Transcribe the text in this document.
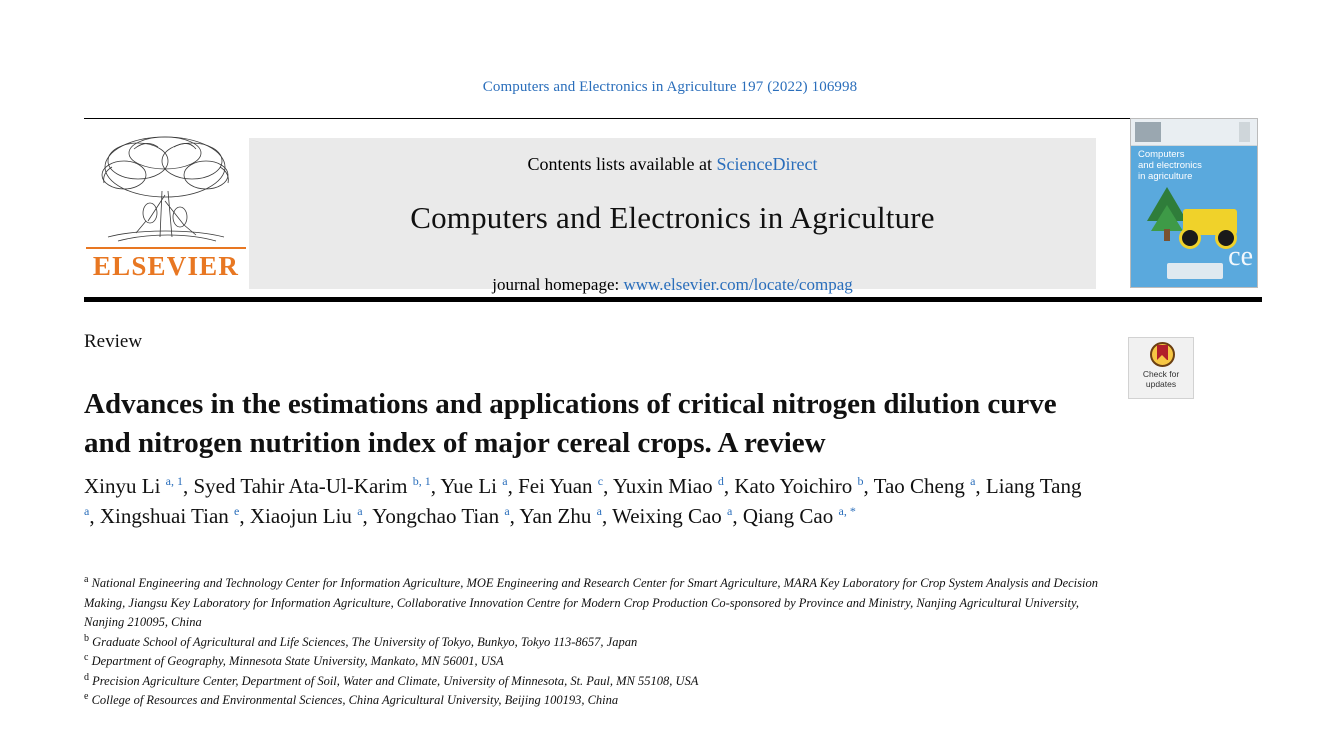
Computers and Electronics in Agriculture 197 (2022) 106998
ELSEVIER
Contents lists available at ScienceDirect
Computers and Electronics in Agriculture
journal homepage: www.elsevier.com/locate/compag
Computers
and electronics
in agriculture
ce
Review
Advances in the estimations and applications of critical nitrogen dilution curve and nitrogen nutrition index of major cereal crops. A review
Xinyu Li $^{a, 1}$, Syed Tahir Ata-Ul-Karim $^{b, 1}$, Yue Li $^a$, Fei Yuan $^c$, Yuxin Miao $^d$, Kato Yoichiro $^b$, Tao Cheng $^a$, Liang Tang $^a$, Xingshuai Tian $^e$, Xiaojun Liu $^a$, Yongchao Tian $^a$, Yan Zhu $^a$, Weixing Cao $^a$, Qiang Cao $^{a, *}$
$^a$ National Engineering and Technology Center for Information Agriculture, MOE Engineering and Research Center for Smart Agriculture, MARA Key Laboratory for Crop System Analysis and Decision Making, Jiangsu Key Laboratory for Information Agriculture, Collaborative Innovation Centre for Modern Crop Production Co-sponsored by Province and Ministry, Nanjing Agricultural University, Nanjing 210095, China
$^b$ Graduate School of Agricultural and Life Sciences, The University of Tokyo, Bunkyo, Tokyo 113-8657, Japan
$^c$ Department of Geography, Minnesota State University, Mankato, MN 56001, USA
$^d$ Precision Agriculture Center, Department of Soil, Water and Climate, University of Minnesota, St. Paul, MN 55108, USA
$^e$ College of Resources and Environmental Sciences, China Agricultural University, Beijing 100193, China
Check for
updates
